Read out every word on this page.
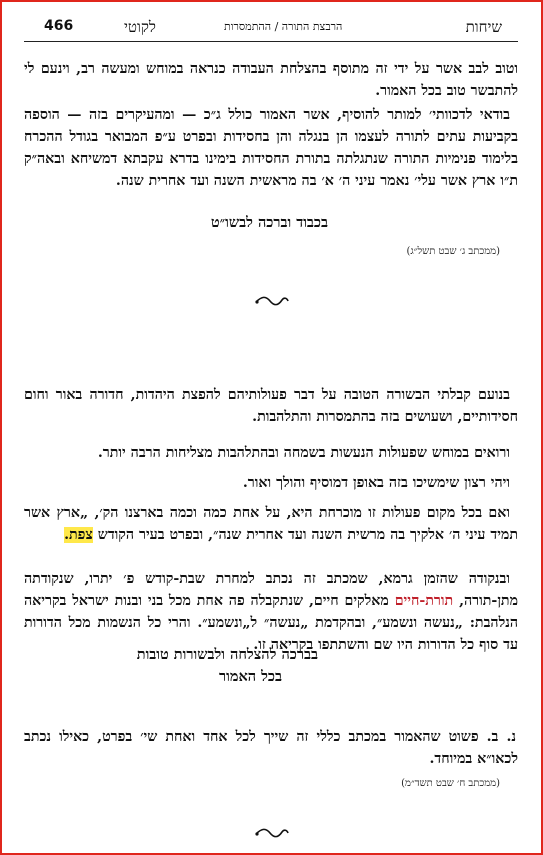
466	לקוטי	הרבצת התורה / ההתמסרות	שיחות
וטוב לבב אשר על ידי זה מתוסף בהצלחת העבודה כנראה במוחש ומעשה רב, וינעם לי להתבשר טוב בכל האמור.
בודאי לדכוותי׳ למותר להוסיף, אשר האמור כולל ג״כ — ומהעיקרים בזה — הוספה בקביעות עתים לתורה לעצמו הן בנגלה והן בחסידות ובפרט ע״פ המבואר בגודל ההכרח בלימוד פנימיות התורה שנתגלתה בתורת החסידות בימינו בדרא עקבתא דמשיחא ובאה״ק ת״ו ארץ אשר עלי׳ נאמר עיני ה׳ א׳ בה מראשית השנה ועד אחרית שנה.
בכבוד וברכה לבשו״ט
(ממכתב ג׳ שבט תשל״ג)
בנועם קבלתי הבשורה הטובה על דבר פעולותיהם להפצת היהדות, חדורה באור וחום חסידותיים, ושעושים בזה בהתמסרות והתלהבות.
ורואים במוחש שפעולות הנעשות בשמחה ובהתלהבות מצליחות הרבה יותר.
ויהי רצון שימשיכו בזה באופן דמוסיף והולך ואור.
ואם בכל מקום פעולות זו מוכרחת היא, על אחת כמה וכמה בארצנו הק׳, „ארץ אשר תמיד עיני ה׳ אלקיך בה מרשית השנה ועד אחרית שנה״, ובפרט בעיר הקודש צפת.
ובנקודה שהזמן גרמא, שמכתב זה נכתב למחרת שבת-קודש פ׳ יתרו, שנקודתה מתן-תורה, תורת-חיים מאלקים חיים, שנתקבלה פה אחת מכל בני ובנות ישראל בקריאה הנלהבת: „נעשה ונשמע״, ובהקדמת „נעשה״ ל„ונשמע״. והרי כל הנשמות מכל הדורות עד סוף כל הדורות היו שם והשתתפו בקריאה זו.
בברכה להצלחה ולבשורות טובות
בכל האמור
נ. ב. פשוט שהאמור במכתב כללי זה שייך לכל אחד ואחת שי׳ בפרט, כאילו נכתב לכאו״א במיוחד.
(ממכתב ח׳ שבט תשד״מ)
